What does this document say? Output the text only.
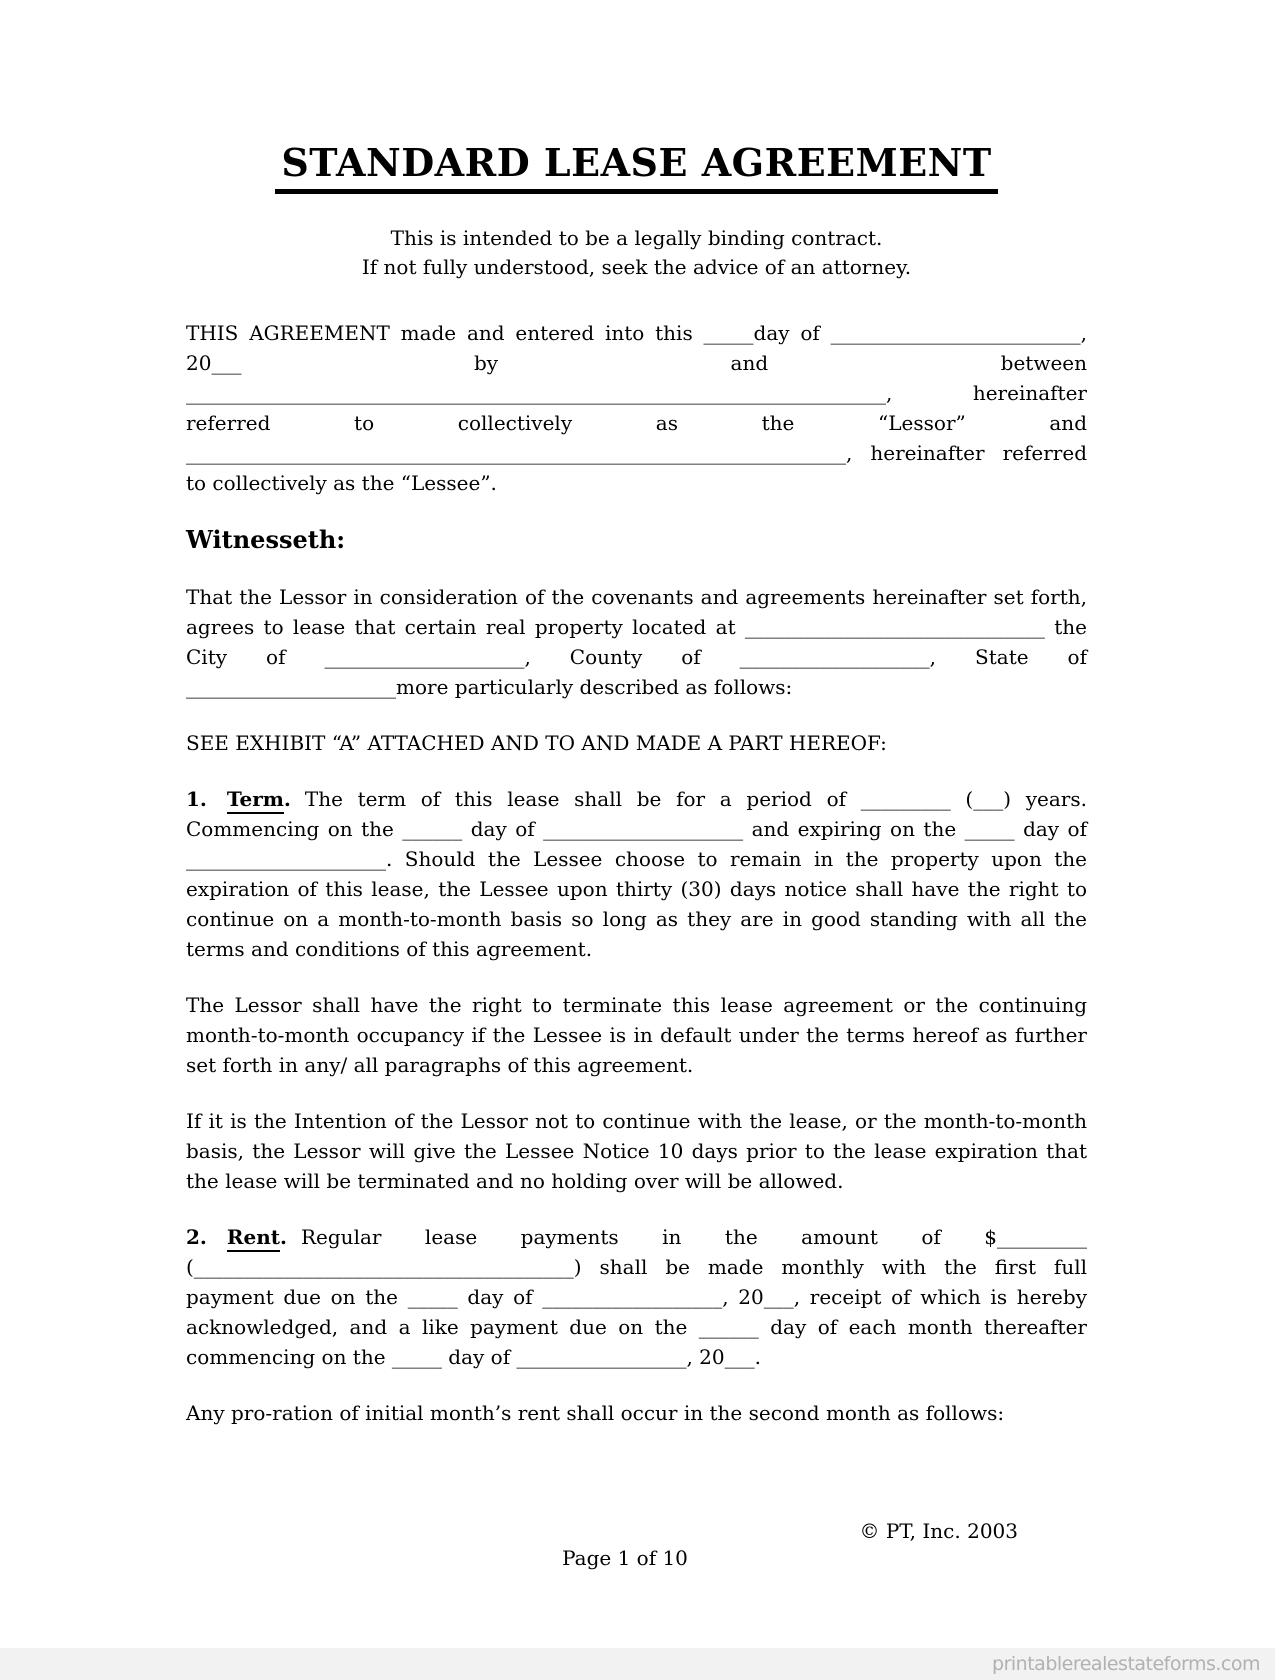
STANDARD LEASE AGREEMENT
This is intended to be a legally binding contract.
If not fully understood, seek the advice of an attorney.

THIS AGREEMENT made and entered into this _____day of _________________________, 20___ by and between ______________________________________________________________________, hereinafter referred to collectively as the “Lessor” and __________________________________________________________________, hereinafter referred to collectively as the “Lessee”.

Witnesseth:

That the Lessor in consideration of the covenants and agreements hereinafter set forth, agrees to lease that certain real property located at ______________________________ the City of ____________________, County of ___________________, State of _____________________more particularly described as follows:

SEE EXHIBIT “A” ATTACHED AND TO AND MADE A PART HEREOF:

1. Term. The term of this lease shall be for a period of _________ (___) years. Commencing on the ______ day of ____________________ and expiring on the _____ day of ____________________. Should the Lessee choose to remain in the property upon the expiration of this lease, the Lessee upon thirty (30) days notice shall have the right to continue on a month-to-month basis so long as they are in good standing with all the terms and conditions of this agreement.

The Lessor shall have the right to terminate this lease agreement or the continuing month-to-month occupancy if the Lessee is in default under the terms hereof as further set forth in any/ all paragraphs of this agreement.

If it is the Intention of the Lessor not to continue with the lease, or the month-to-month basis, the Lessor will give the Lessee Notice 10 days prior to the lease expiration that the lease will be terminated and no holding over will be allowed.

2. Rent. Regular lease payments in the amount of $_________ (______________________________________) shall be made monthly with the first full payment due on the _____ day of __________________, 20___, receipt of which is hereby acknowledged, and a like payment due on the ______ day of each month thereafter commencing on the _____ day of _________________, 20___.

Any pro-ration of initial month’s rent shall occur in the second month as follows:

© PT, Inc. 2003
Page 1 of 10
printablerealestateforms.com
